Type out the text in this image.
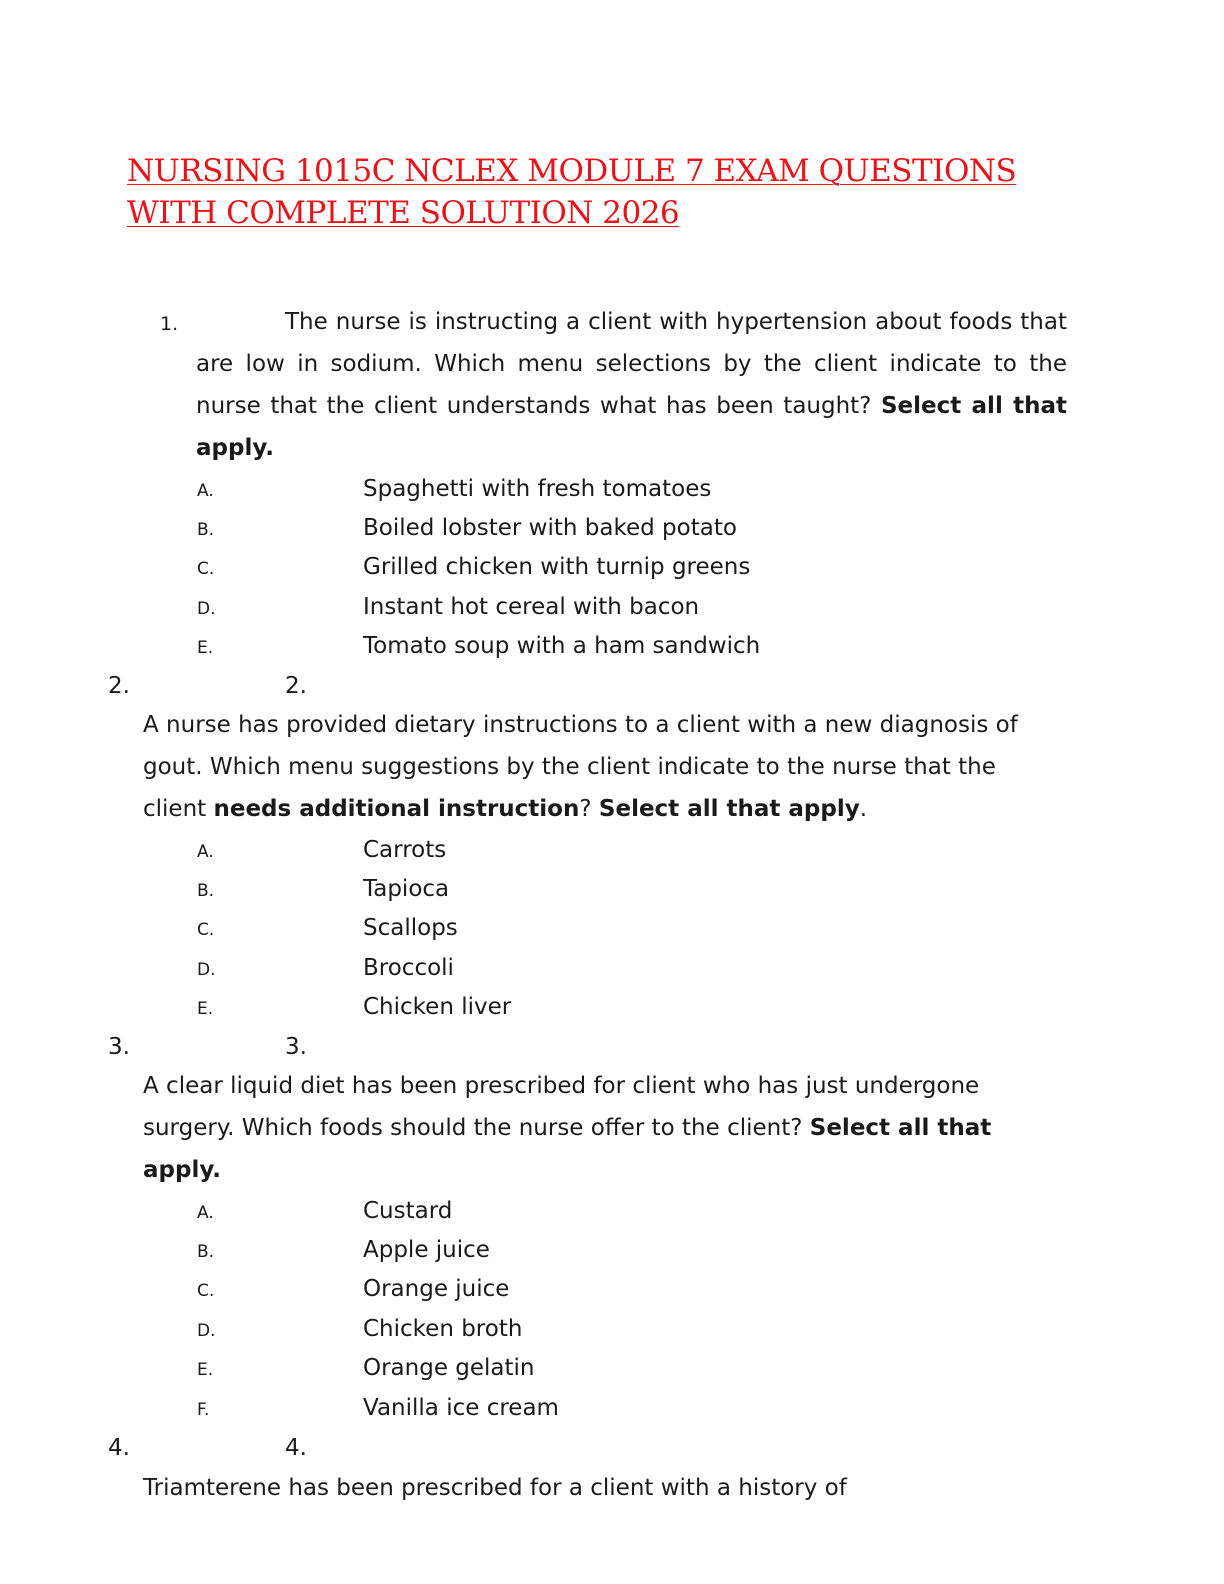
NURSING 1015C NCLEX MODULE 7 EXAM QUESTIONS WITH COMPLETE SOLUTION 2026
1.	The nurse is instructing a client with hypertension about foods that are low in sodium. Which menu selections by the client indicate to the nurse that the client understands what has been taught? Select all that apply.
A.	Spaghetti with fresh tomatoes
B.	Boiled lobster with baked potato
C.	Grilled chicken with turnip greens
D.	Instant hot cereal with bacon
E.	Tomato soup with a ham sandwich
2.	2.
A nurse has provided dietary instructions to a client with a new diagnosis of gout. Which menu suggestions by the client indicate to the nurse that the client needs additional instruction? Select all that apply.
A.	Carrots
B.	Tapioca
C.	Scallops
D.	Broccoli
E.	Chicken liver
3.	3.
A clear liquid diet has been prescribed for client who has just undergone surgery. Which foods should the nurse offer to the client? Select all that apply.
A.	Custard
B.	Apple juice
C.	Orange juice
D.	Chicken broth
E.	Orange gelatin
F.	Vanilla ice cream
4.	4.
Triamterene has been prescribed for a client with a history of
